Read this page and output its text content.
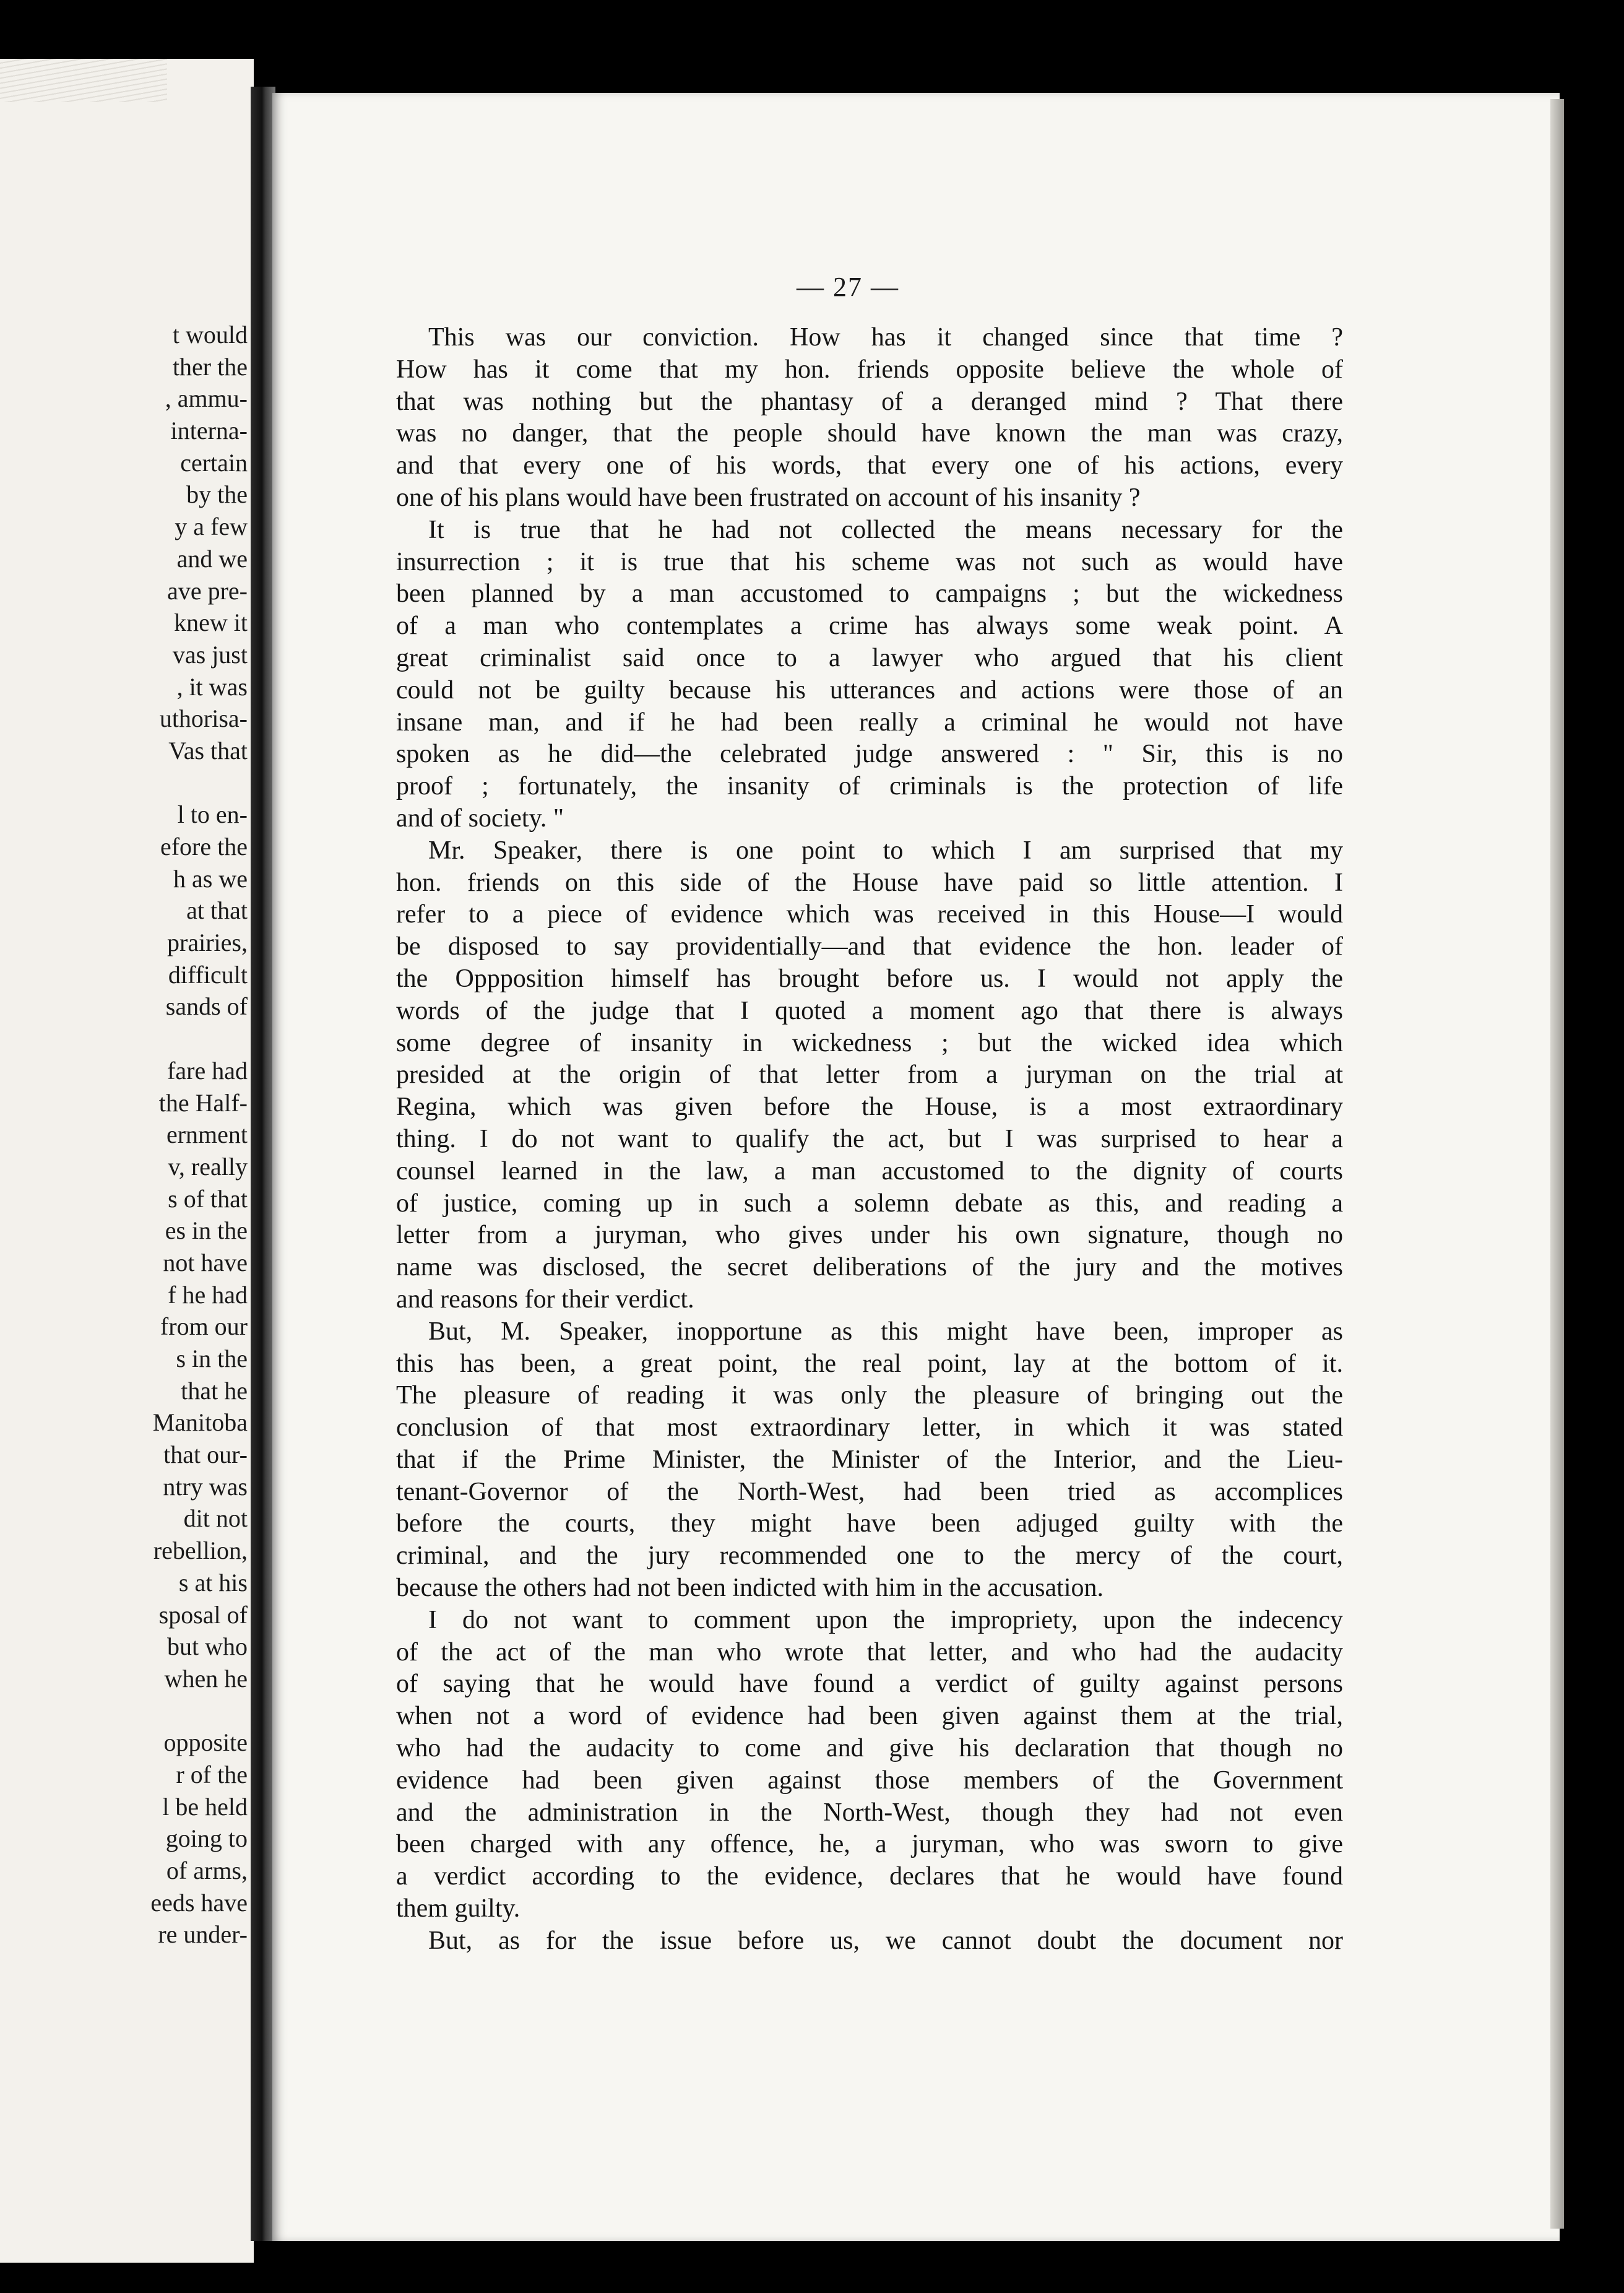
t would
ther the
, ammu-
interna-
certain
by the
y a few
and we
ave pre-
knew it
vas just
, it was
uthorisa-
Vas that
l to en-
efore the
h as we
at that
prairies,
difficult
sands of
fare had
the Half-
ernment
v, really
s of that
es in the
not have
f he had
from our
s in the
that he
Manitoba
that our-
ntry was
dit not
rebellion,
s at his
sposal of
but who
when he
opposite
r of the
l be held
going to
of arms,
eeds have
re under-
— 27 —
This was our conviction. How has it changed since that time ?
How has it come that my hon. friends opposite believe the whole of
that was nothing but the phantasy of a deranged mind ? That there
was no danger, that the people should have known the man was crazy,
and that every one of his words, that every one of his actions, every
one of his plans would have been frustrated on account of his insanity ?
It is true that he had not collected the means necessary for the
insurrection ; it is true that his scheme was not such as would have
been planned by a man accustomed to campaigns ; but the wickedness
of a man who contemplates a crime has always some weak point. A
great criminalist said once to a lawyer who argued that his client
could not be guilty because his utterances and actions were those of an
insane man, and if he had been really a criminal he would not have
spoken as he did—the celebrated judge answered : " Sir, this is no
proof ; fortunately, the insanity of criminals is the protection of life
and of society. "
Mr. Speaker, there is one point to which I am surprised that my
hon. friends on this side of the House have paid so little attention. I
refer to a piece of evidence which was received in this House—I would
be disposed to say providentially—and that evidence the hon. leader of
the Oppposition himself has brought before us. I would not apply the
words of the judge that I quoted a moment ago that there is always
some degree of insanity in wickedness ; but the wicked idea which
presided at the origin of that letter from a juryman on the trial at
Regina, which was given before the House, is a most extraordinary
thing. I do not want to qualify the act, but I was surprised to hear a
counsel learned in the law, a man accustomed to the dignity of courts
of justice, coming up in such a solemn debate as this, and reading a
letter from a juryman, who gives under his own signature, though no
name was disclosed, the secret deliberations of the jury and the motives
and reasons for their verdict.
But, M. Speaker, inopportune as this might have been, improper as
this has been, a great point, the real point, lay at the bottom of it.
The pleasure of reading it was only the pleasure of bringing out the
conclusion of that most extraordinary letter, in which it was stated
that if the Prime Minister, the Minister of the Interior, and the Lieu-
tenant-Governor of the North-West, had been tried as accomplices
before the courts, they might have been adjuged guilty with the
criminal, and the jury recommended one to the mercy of the court,
because the others had not been indicted with him in the accusation.
I do not want to comment upon the impropriety, upon the indecency
of the act of the man who wrote that letter, and who had the audacity
of saying that he would have found a verdict of guilty against persons
when not a word of evidence had been given against them at the trial,
who had the audacity to come and give his declaration that though no
evidence had been given against those members of the Government
and the administration in the North-West, though they had not even
been charged with any offence, he, a juryman, who was sworn to give
a verdict according to the evidence, declares that he would have found
them guilty.
But, as for the issue before us, we cannot doubt the document nor
